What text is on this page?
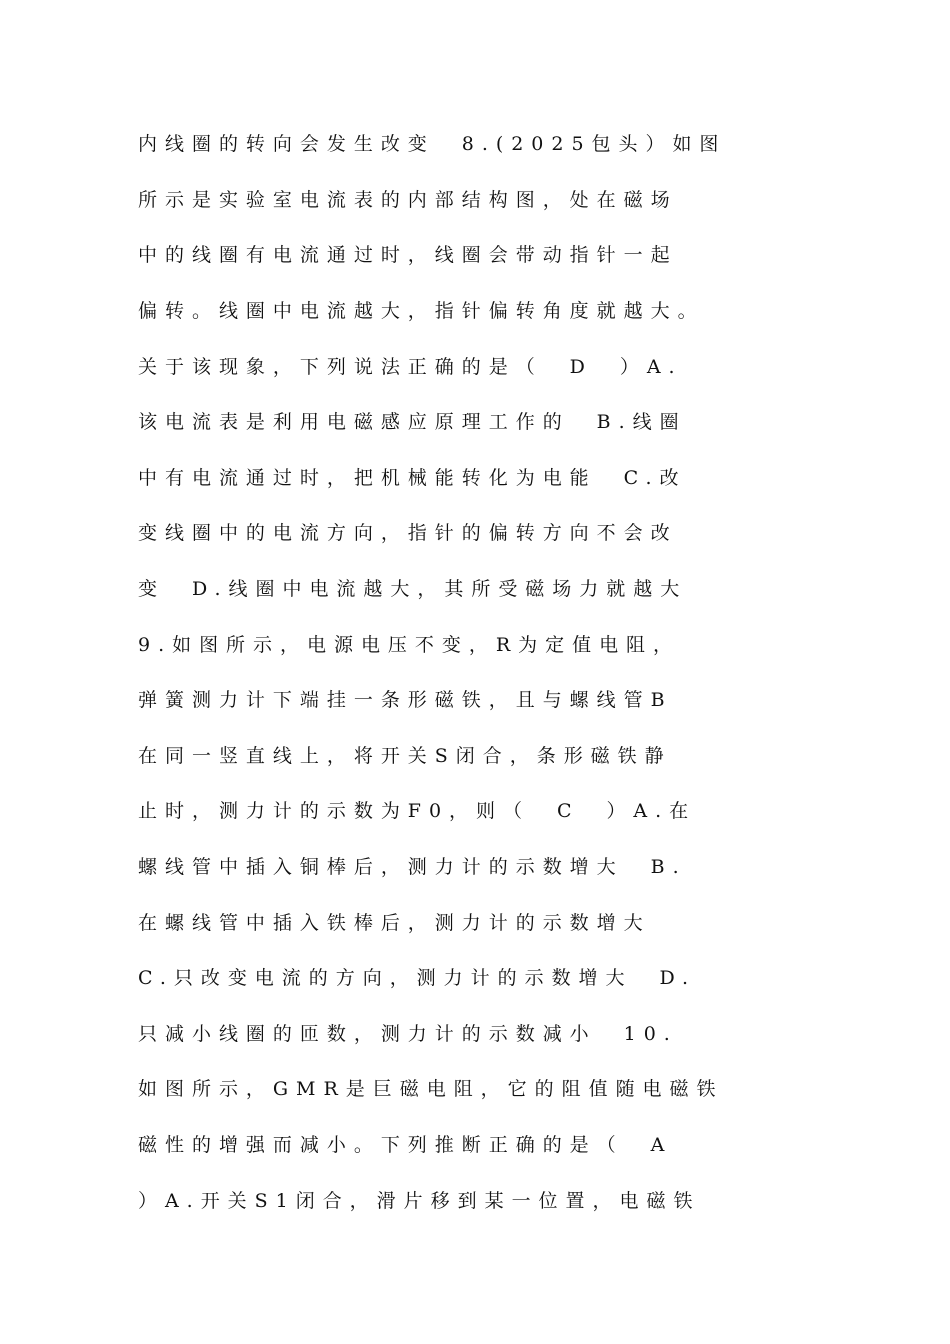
内线圈的转向会发生改变　8.(2025包头）如图
所示是实验室电流表的内部结构图，处在磁场
中的线圈有电流通过时，线圈会带动指针一起
偏转。线圈中电流越大，指针偏转角度就越大。
关于该现象，下列说法正确的是（　D　）A.
该电流表是利用电磁感应原理工作的　B.线圈
中有电流通过时，把机械能转化为电能　C.改
变线圈中的电流方向，指针的偏转方向不会改
变　D.线圈中电流越大，其所受磁场力就越大
9.如图所示，电源电压不变，R为定值电阻，
弹簧测力计下端挂一条形磁铁，且与螺线管B
在同一竖直线上，将开关S闭合，条形磁铁静
止时，测力计的示数为F0，则（　C　）A.在
螺线管中插入铜棒后，测力计的示数增大　B.
在螺线管中插入铁棒后，测力计的示数增大
C.只改变电流的方向，测力计的示数增大　D.
只减小线圈的匝数，测力计的示数减小　10.
如图所示，GMR是巨磁电阻，它的阻值随电磁铁
磁性的增强而减小。下列推断正确的是（　A
）A.开关S1闭合，滑片移到某一位置，电磁铁
